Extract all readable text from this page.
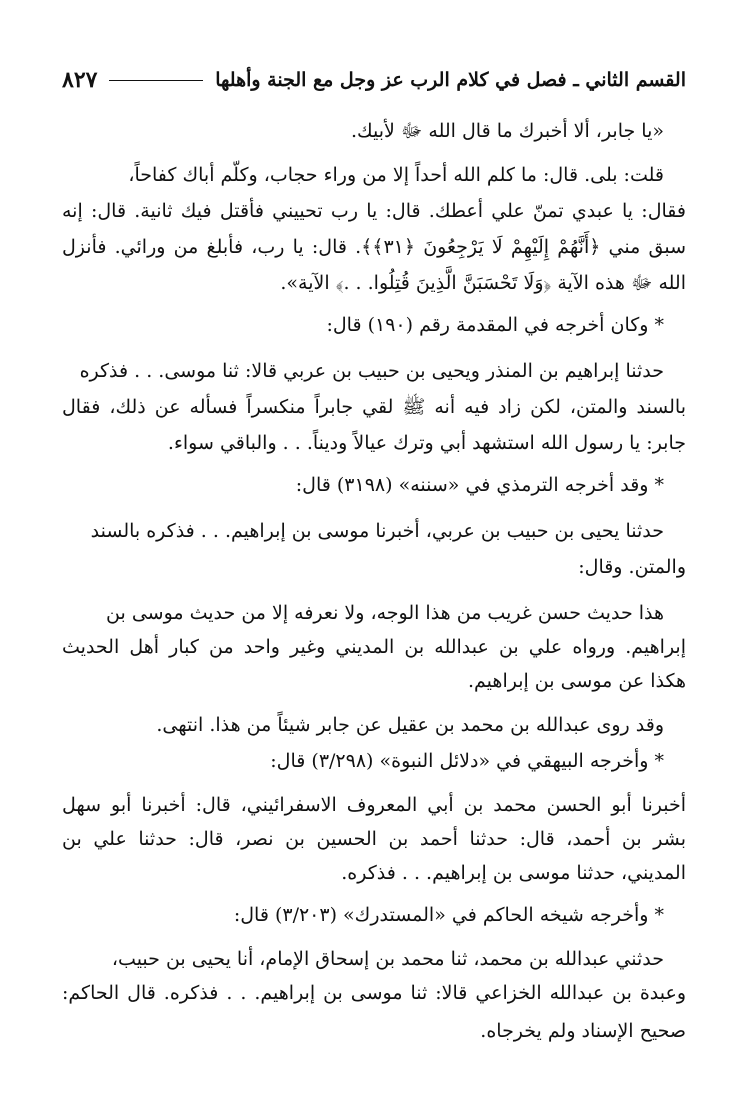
القسم الثاني ـ فصل في كلام الرب عز وجل مع الجنة وأهلها
٨٢٧
«يا جابر، ألا أخبرك ما قال الله ﷻ لأبيك.
قلت: بلى. قال: ما كلم الله أحداً إلا من وراء حجاب، وكلّم أباك كفاحاً،
فقال: يا عبدي تمنّ علي أعطك. قال: يا رب تحييني فأقتل فيك ثانية. قال: إنه
سبق مني ﴿أَنَّهُمْ إِلَيْهِمْ لَا يَرْجِعُونَ ﴿٣١﴾﴾. قال: يا رب، فأبلغ من ورائي. فأنزل
الله ﷻ هذه الآية ﴿وَلَا تَحْسَبَنَّ الَّذِينَ قُتِلُوا. . .﴾ الآية».
* وكان أخرجه في المقدمة رقم (١٩٠) قال:
حدثنا إبراهيم بن المنذر ويحيى بن حبيب بن عربي قالا: ثنا موسى. . . فذكره
بالسند والمتن، لكن زاد فيه أنه ﷺ لقي جابراً منكسراً فسأله عن ذلك، فقال
جابر: يا رسول الله استشهد أبي وترك عيالاً وديناً. . . والباقي سواء.
* وقد أخرجه الترمذي في «سننه» (٣١٩٨) قال:
حدثنا يحيى بن حبيب بن عربي، أخبرنا موسى بن إبراهيم. . . فذكره بالسند
والمتن. وقال:
هذا حديث حسن غريب من هذا الوجه، ولا نعرفه إلا من حديث موسى بن
إبراهيم. ورواه علي بن عبدالله بن المديني وغير واحد من كبار أهل الحديث
هكذا عن موسى بن إبراهيم.
وقد روى عبدالله بن محمد بن عقيل عن جابر شيئاً من هذا. انتهى.
* وأخرجه البيهقي في «دلائل النبوة» (٣/٢٩٨) قال:
أخبرنا أبو الحسن محمد بن أبي المعروف الاسفرائيني، قال: أخبرنا أبو سهل
بشر بن أحمد، قال: حدثنا أحمد بن الحسين بن نصر، قال: حدثنا علي بن
المديني، حدثنا موسى بن إبراهيم. . . فذكره.
* وأخرجه شيخه الحاكم في «المستدرك» (٣/٢٠٣) قال:
حدثني عبدالله بن محمد، ثنا محمد بن إسحاق الإمام، أنا يحيى بن حبيب،
وعبدة بن عبدالله الخزاعي قالا: ثنا موسى بن إبراهيم. . . فذكره. قال الحاكم:
صحيح الإسناد ولم يخرجاه.
